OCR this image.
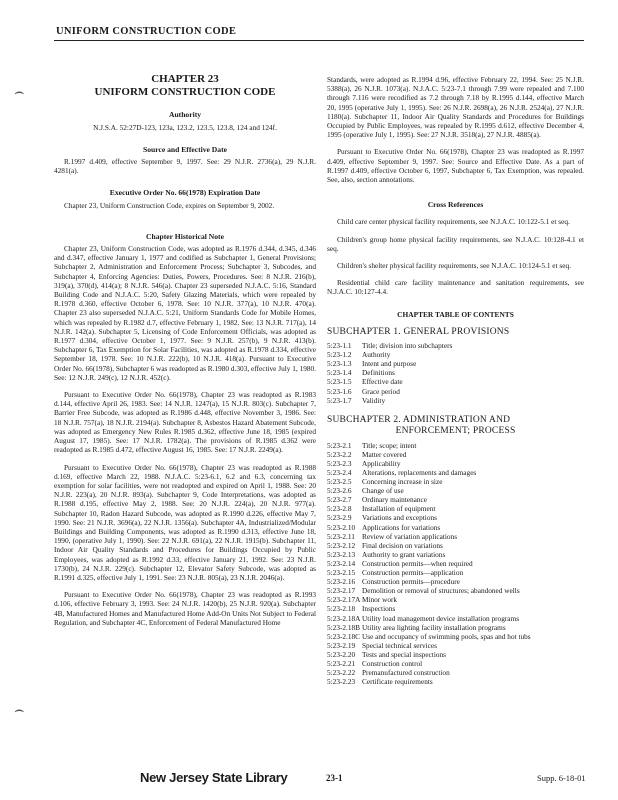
UNIFORM CONSTRUCTION CODE
⌢
⌢
CHAPTER 23
UNIFORM CONSTRUCTION CODE
Authority

N.J.S.A. 52:27D-123, 123a, 123.2, 123.5, 123.8, 124 and 124f.

Source and Effective Date

R.1997 d.409, effective September 9, 1997. See: 29 N.J.R. 2736(a), 29 N.J.R. 4281(a).

Executive Order No. 66(1978) Expiration Date

Chapter 23, Uniform Construction Code, expires on September 9, 2002.

Chapter Historical Note

Chapter 23, Uniform Construction Code, was adopted as R.1976 d.344, d.345, d.346 and d.347, effective January 1, 1977 and codified as Subchapter 1, General Provisions; Subchapter 2, Administration and Enforcement Process; Subchapter 3, Subcodes, and Subchapter 4, Enforcing Agencies: Duties, Powers, Procedures. See: 8 N.J.R. 216(b), 319(a), 370(d), 414(a); 8 N.J.R. 546(a). Chapter 23 superseded N.J.A.C. 5:16, Standard Building Code and N.J.A.C. 5:20, Safety Glazing Materials, which were repealed by R.1978 d.360, effective October 6, 1978. See: 10 N.J.R. 377(a), 10 N.J.R. 470(a). Chapter 23 also superseded N.J.A.C. 5:21, Uniform Standards Code for Mobile Homes, which was repealed by R.1982 d.7, effective February 1, 1982. See: 13 N.J.R. 717(a), 14 N.J.R. 142(a). Subchapter 5, Licensing of Code Enforcement Officials, was adopted as R.1977 d.304, effective October 1, 1977. See: 9 N.J.R. 257(b), 9 N.J.R. 413(b). Subchapter 6, Tax Exemption for Solar Facilities, was adopted as R.1978 d.334, effective September 18, 1978. See: 10 N.J.R. 222(b), 10 N.J.R. 418(a). Pursuant to Executive Order No. 66(1978), Subchapter 6 was readopted as R.1980 d.303, effective July 1, 1980. See: 12 N.J.R. 249(c), 12 N.J.R. 452(c).

Pursuant to Executive Order No. 66(1978), Chapter 23 was readopted as R.1983 d.144, effective April 26, 1983. See: 14 N.J.R. 1247(a), 15 N.J.R. 803(c). Subchapter 7, Barrier Free Subcode, was adopted as R.1986 d.448, effective November 3, 1986. See: 18 N.J.R. 757(a), 18 N.J.R. 2194(a). Subchapter 8, Asbestos Hazard Abatement Subcode, was adopted as Emergency New Rules R.1985 d.362, effective June 18, 1985 (expired August 17, 1985). See: 17 N.J.R. 1782(a). The provisions of R.1985 d.362 were readopted as R.1985 d.472, effective August 16, 1985. See: 17 N.J.R. 2249(a).

Pursuant to Executive Order No. 66(1978), Chapter 23 was readopted as R.1988 d.169, effective March 22, 1988. N.J.A.C. 5:23-6.1, 6.2 and 6.3, concerning tax exemption for solar facilities, were not readopted and expired on April 1, 1988. See: 20 N.J.R. 223(a), 20 N.J.R. 893(a). Subchapter 9, Code Interpretations, was adopted as R.1988 d.195, effective May 2, 1988. See: 20 N.J.R. 224(a), 20 N.J.R. 977(a). Subchapter 10, Radon Hazard Subcode, was adopted as R.1990 d.226, effective May 7, 1990. See: 21 N.J.R. 3696(a), 22 N.J.R. 1356(a). Subchapter 4A, Industrialized/Modular Buildings and Building Components, was adopted as R.1990 d.313, effective June 18, 1990, (operative July 1, 1990). See: 22 N.J.R. 691(a), 22 N.J.R. 1915(b). Subchapter 11, Indoor Air Quality Standards and Procedures for Buildings Occupied by Public Employees, was adopted as R.1992 d.33, effective January 21, 1992. See: 23 N.J.R. 1730(b), 24 N.J.R. 229(c). Subchapter 12, Elevator Safety Subcode, was adopted as R.1991 d.325, effective July 1, 1991. See: 23 N.J.R. 805(a), 23 N.J.R. 2046(a).

Pursuant to Executive Order No. 66(1978), Chapter 23 was readopted as R.1993 d.106, effective February 3, 1993. See: 24 N.J.R. 1420(b), 25 N.J.R. 920(a). Subchapter 4B, Manufactured Homes and Manufactured Home Add-On Units Not Subject to Federal Regulation, and Subchapter 4C, Enforcement of Federal Manufactured Home

Standards, were adopted as R.1994 d.96, effective February 22, 1994. See: 25 N.J.R. 5388(a), 26 N.J.R. 1073(a). N.J.A.C. 5:23-7.1 through 7.99 were repealed and 7.100 through 7.116 were recodified as 7.2 through 7.18 by R.1995 d.144, effective March 20, 1995 (operative July 1, 1995). See: 26 N.J.R. 2698(a), 26 N.J.R. 2524(a), 27 N.J.R. 1180(a). Subchapter 11, Indoor Air Quality Standards and Procedures for Buildings Occupied by Public Employees, was repealed by R.1995 d.612, effective December 4, 1995 (operative July 1, 1995). See: 27 N.J.R. 3518(a), 27 N.J.R. 4885(a).

Pursuant to Executive Order No. 66(1978), Chapter 23 was readopted as R.1997 d.409, effective September 9, 1997. See: Source and Effective Date. As a part of R.1997 d.409, effective October 6, 1997, Subchapter 6, Tax Exemption, was repealed. See, also, section annotations.

Cross References

Child care center physical facility requirements, see N.J.A.C. 10:122-5.1 et seq.

Children's group home physical facility requirements, see N.J.A.C. 10:128-4.1 et seq.

Children's shelter physical facility requirements, see N.J.A.C. 10:124-5.1 et seq.

Residential child care facility maintenance and sanitation requirements, see N.J.A.C. 10:127-4.4.

CHAPTER TABLE OF CONTENTS
SUBCHAPTER 1. GENERAL PROVISIONS
5:23-1.1	Title; division into subchapters
5:23-1.2	Authority
5:23-1.3	Intent and purpose
5:23-1.4	Definitions
5:23-1.5	Effective date
5:23-1.6	Grace period
5:23-1.7	Validity
SUBCHAPTER 2. ADMINISTRATION AND
ENFORCEMENT; PROCESS
5:23-2.1	Title; scope; intent
5:23-2.2	Matter covered
5:23-2.3	Applicability
5:23-2.4	Alterations, replacements and damages
5:23-2.5	Concerning increase in size
5:23-2.6	Change of use
5:23-2.7	Ordinary maintenance
5:23-2.8	Installation of equipment
5:23-2.9	Variations and exceptions
5:23-2.10 Applications for variations
5:23-2.11 Review of variation applications
5:23-2.12 Final decision on variations
5:23-2.13 Authority to grant variations
5:23-2.14 Construction permits—when required
5:23-2.15 Construction permits—application
5:23-2.16 Construction permits—procedure
5:23-2.17 Demolition or removal of structures; abandoned wells
5:23-2.17A Minor work
5:23-2.18 Inspections
5:23-2.18A Utility load management device installation programs
5:23-2.18B Utility area lighting facility installation programs
5:23-2.18C Use and occupancy of swimming pools, spas and hot tubs
5:23-2.19 Special technical services
5:23-2.20 Tests and special inspections
5:23-2.21 Construction control
5:23-2.22 Premanufactured construction
5:23-2.23 Certificate requirements
New Jersey State Library	23-1	Supp. 6-18-01
